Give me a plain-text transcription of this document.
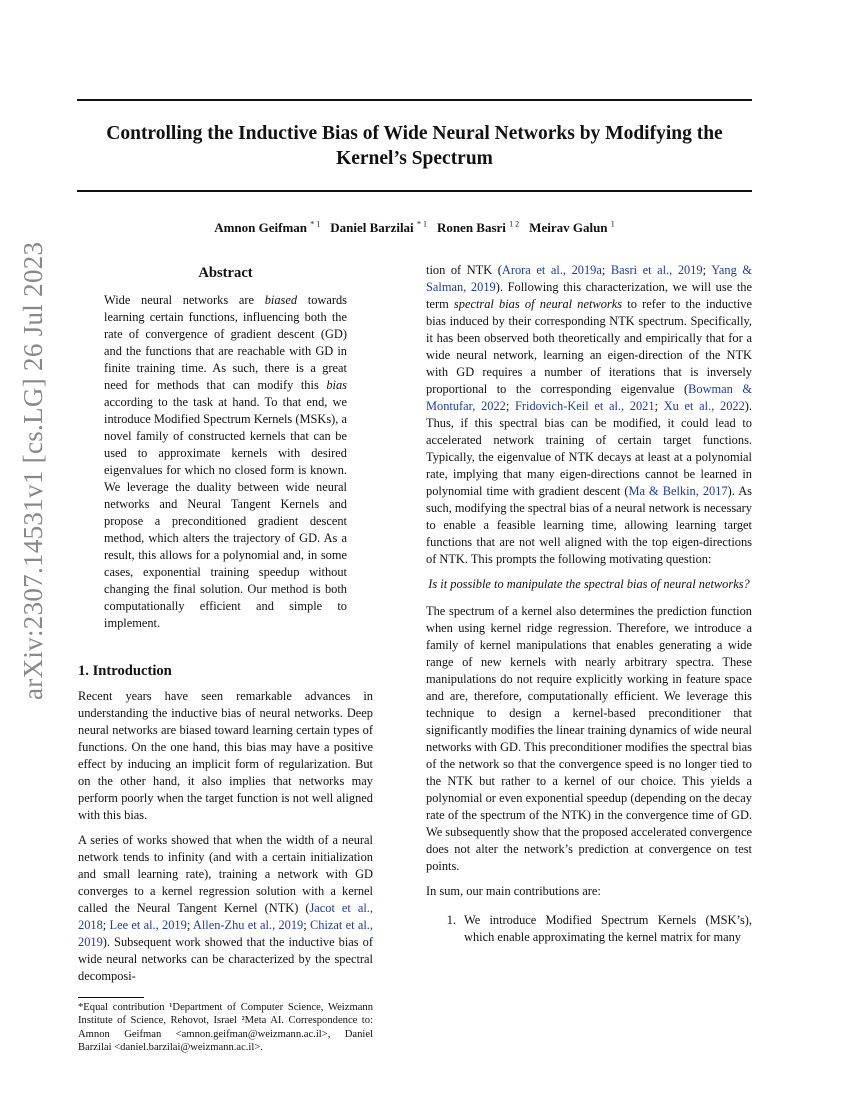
arXiv:2307.14531v1 [cs.LG] 26 Jul 2023
Controlling the Inductive Bias of Wide Neural Networks by Modifying the Kernel’s Spectrum
Amnon Geifman $^{* 1}$ Daniel Barzilai $^{* 1}$ Ronen Basri $^{1 2}$ Meirav Galun $^1$
Abstract

Wide neural networks are biased towards learning certain functions, influencing both the rate of convergence of gradient descent (GD) and the functions that are reachable with GD in finite training time. As such, there is a great need for methods that can modify this bias according to the task at hand. To that end, we introduce Modified Spectrum Kernels (MSKs), a novel family of constructed kernels that can be used to approximate kernels with desired eigenvalues for which no closed form is known. We leverage the duality between wide neural networks and Neural Tangent Kernels and propose a preconditioned gradient descent method, which alters the trajectory of GD. As a result, this allows for a polynomial and, in some cases, exponential training speedup without changing the final solution. Our method is both computationally efficient and simple to implement.

1. Introduction

Recent years have seen remarkable advances in understanding the inductive bias of neural networks. Deep neural networks are biased toward learning certain types of functions. On the one hand, this bias may have a positive effect by inducing an implicit form of regularization. But on the other hand, it also implies that networks may perform poorly when the target function is not well aligned with this bias.

A series of works showed that when the width of a neural network tends to infinity (and with a certain initialization and small learning rate), training a network with GD converges to a kernel regression solution with a kernel called the Neural Tangent Kernel (NTK) (Jacot et al., 2018; Lee et al., 2019; Allen-Zhu et al., 2019; Chizat et al., 2019). Subsequent work showed that the inductive bias of wide neural networks can be characterized by the spectral decomposi-

*Equal contribution ¹Department of Computer Science, Weizmann Institute of Science, Rehovot, Israel ²Meta AI. Correspondence to: Amnon Geifman <amnon.geifman@weizmann.ac.il>, Daniel Barzilai <daniel.barzilai@weizmann.ac.il>.

tion of NTK (Arora et al., 2019a; Basri et al., 2019; Yang & Salman, 2019). Following this characterization, we will use the term spectral bias of neural networks to refer to the inductive bias induced by their corresponding NTK spectrum. Specifically, it has been observed both theoretically and empirically that for a wide neural network, learning an eigen-direction of the NTK with GD requires a number of iterations that is inversely proportional to the corresponding eigenvalue (Bowman & Montufar, 2022; Fridovich-Keil et al., 2021; Xu et al., 2022). Thus, if this spectral bias can be modified, it could lead to accelerated network training of certain target functions. Typically, the eigenvalue of NTK decays at least at a polynomial rate, implying that many eigen-directions cannot be learned in polynomial time with gradient descent (Ma & Belkin, 2017). As such, modifying the spectral bias of a neural network is necessary to enable a feasible learning time, allowing learning target functions that are not well aligned with the top eigen-directions of NTK. This prompts the following motivating question:

Is it possible to manipulate the spectral bias of neural networks?

The spectrum of a kernel also determines the prediction function when using kernel ridge regression. Therefore, we introduce a family of kernel manipulations that enables generating a wide range of new kernels with nearly arbitrary spectra. These manipulations do not require explicitly working in feature space and are, therefore, computationally efficient. We leverage this technique to design a kernel-based preconditioner that significantly modifies the linear training dynamics of wide neural networks with GD. This preconditioner modifies the spectral bias of the network so that the convergence speed is no longer tied to the NTK but rather to a kernel of our choice. This yields a polynomial or even exponential speedup (depending on the decay rate of the spectrum of the NTK) in the convergence time of GD. We subsequently show that the proposed accelerated convergence does not alter the network’s prediction at convergence on test points.

In sum, our main contributions are:

1. We introduce Modified Spectrum Kernels (MSK’s), which enable approximating the kernel matrix for many
